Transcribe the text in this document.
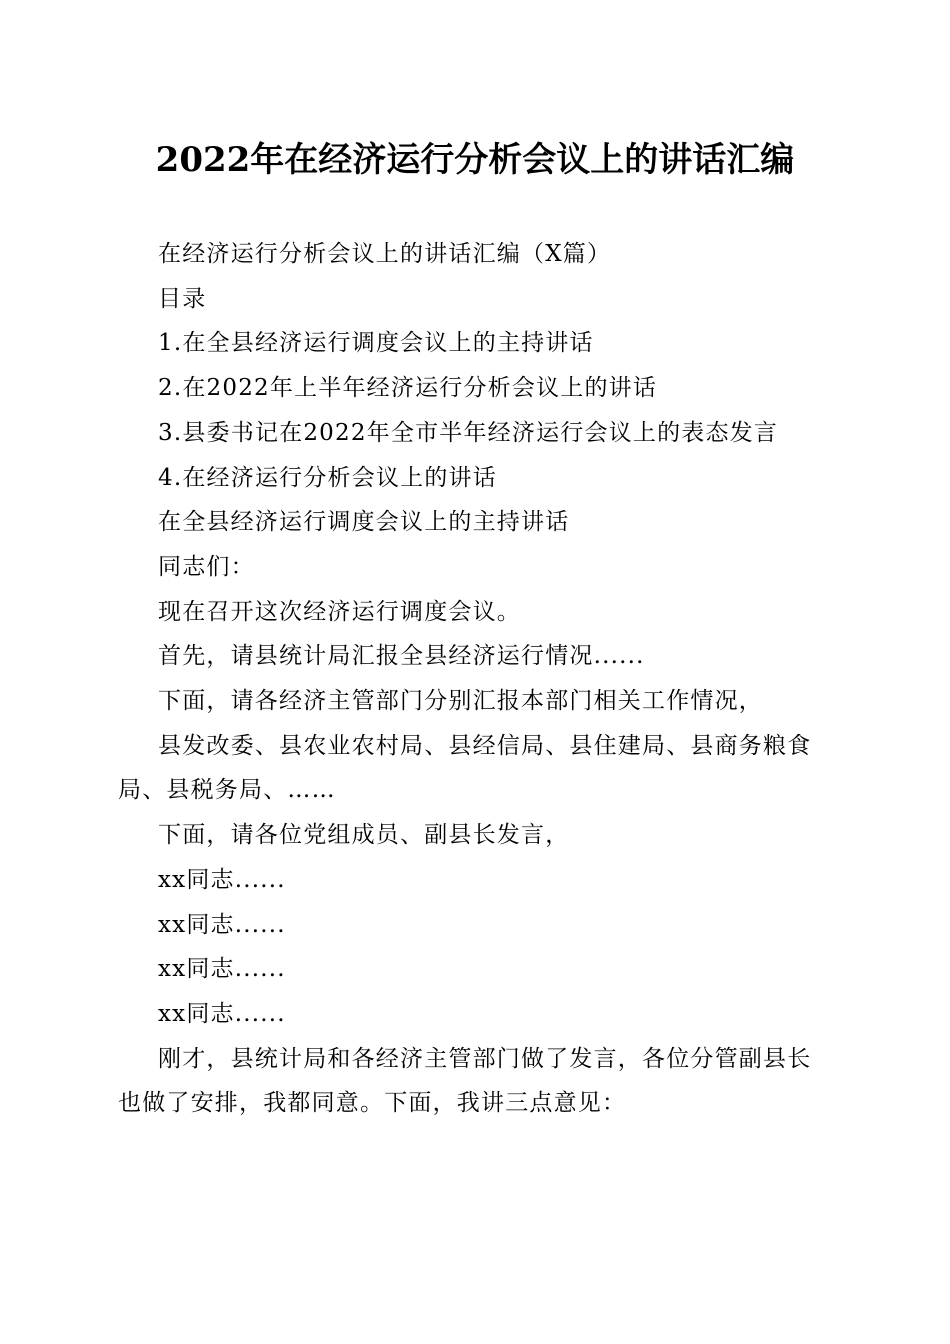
2022年在经济运行分析会议上的讲话汇编

在经济运行分析会议上的讲话汇编（X篇）

目录

1.在全县经济运行调度会议上的主持讲话

2.在2022年上半年经济运行分析会议上的讲话

3.县委书记在2022年全市半年经济运行会议上的表态发言

4.在经济运行分析会议上的讲话

在全县经济运行调度会议上的主持讲话

同志们：

现在召开这次经济运行调度会议。

首先，请县统计局汇报全县经济运行情况......

下面，请各经济主管部门分别汇报本部门相关工作情况，

县发改委、县农业农村局、县经信局、县住建局、县商务粮食局、县税务局、……

下面，请各位党组成员、副县长发言，

xx同志......

xx同志......

xx同志......

xx同志......

刚才，县统计局和各经济主管部门做了发言，各位分管副县长也做了安排，我都同意。下面，我讲三点意见：
